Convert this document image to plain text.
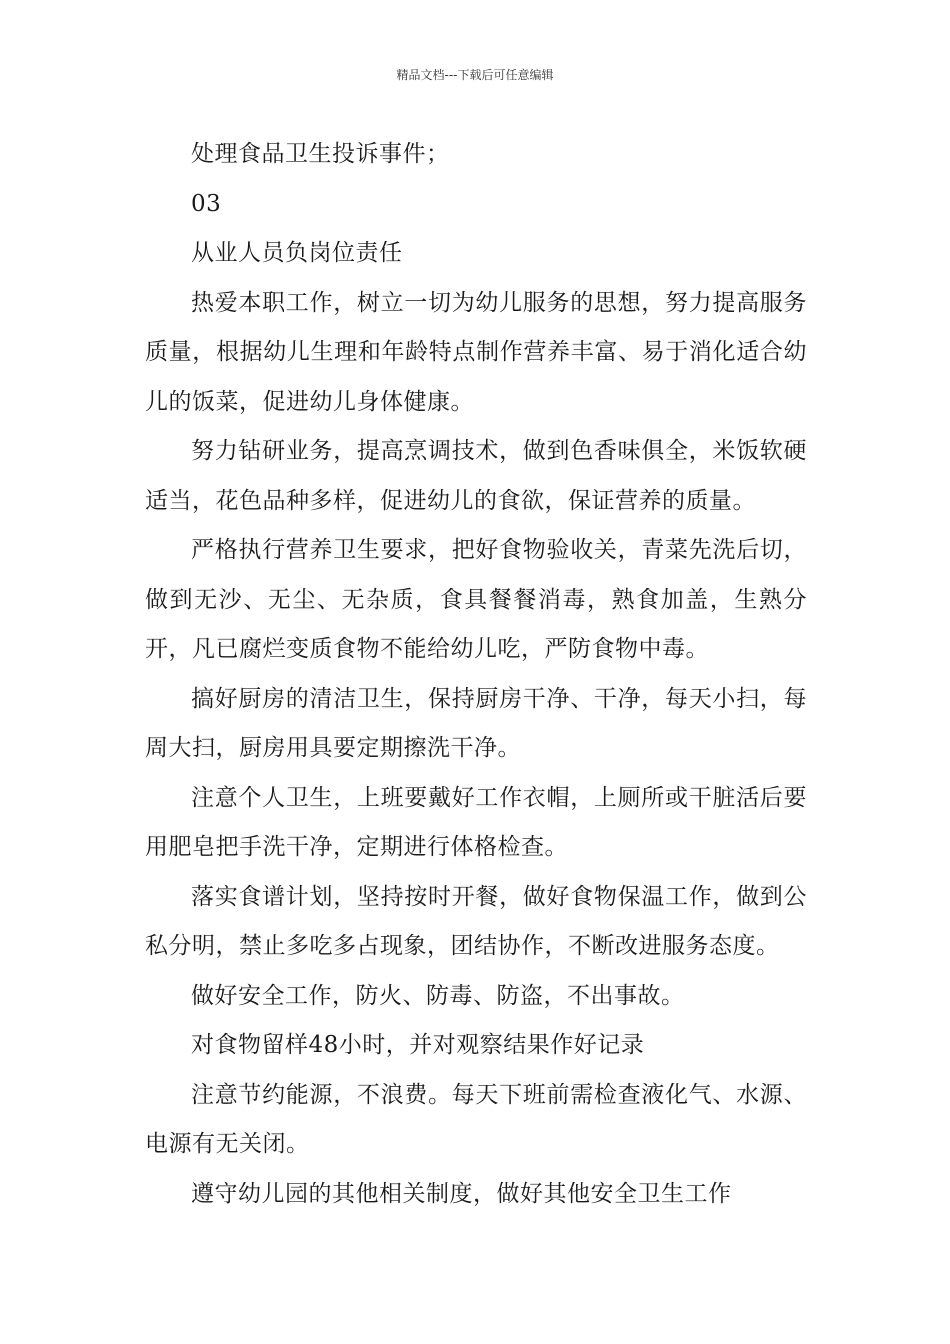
精品文档---下载后可任意编辑

处理食品卫生投诉事件；

03

从业人员负岗位责任

热爱本职工作，树立一切为幼儿服务的思想，努力提高服务质量，根据幼儿生理和年龄特点制作营养丰富、易于消化适合幼儿的饭菜，促进幼儿身体健康。

努力钻研业务，提高烹调技术，做到色香味俱全，米饭软硬适当，花色品种多样，促进幼儿的食欲，保证营养的质量。

严格执行营养卫生要求，把好食物验收关，青菜先洗后切，做到无沙、无尘、无杂质，食具餐餐消毒，熟食加盖，生熟分开，凡已腐烂变质食物不能给幼儿吃，严防食物中毒。

搞好厨房的清洁卫生，保持厨房干净、干净，每天小扫，每周大扫，厨房用具要定期擦洗干净。

注意个人卫生，上班要戴好工作衣帽，上厕所或干脏活后要用肥皂把手洗干净，定期进行体格检查。

落实食谱计划，坚持按时开餐，做好食物保温工作，做到公私分明，禁止多吃多占现象，团结协作，不断改进服务态度。

做好安全工作，防火、防毒、防盗，不出事故。

对食物留样48小时，并对观察结果作好记录

注意节约能源，不浪费。每天下班前需检查液化气、水源、电源有无关闭。

遵守幼儿园的其他相关制度，做好其他安全卫生工作
